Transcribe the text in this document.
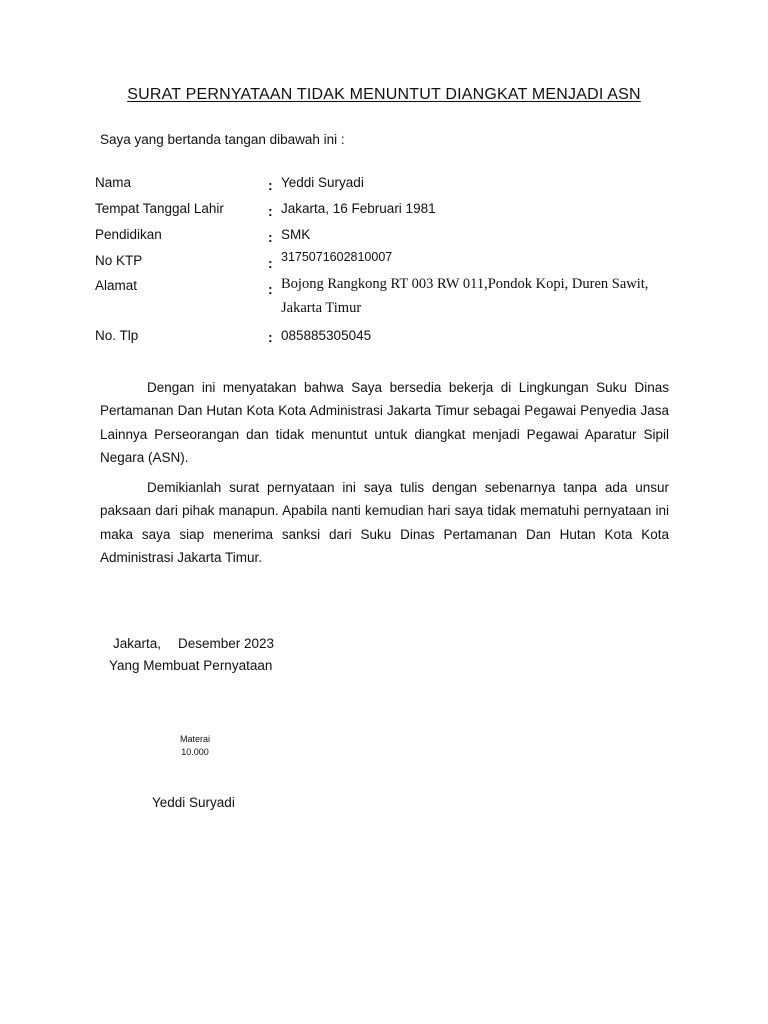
SURAT PERNYATAAN TIDAK MENUNTUT DIANGKAT MENJADI ASN
Saya yang bertanda tangan dibawah ini :
Nama	: Yeddi Suryadi
Tempat Tanggal Lahir	: Jakarta, 16 Februari 1981
Pendidikan	: SMK
No KTP	: 3175071602810007
Alamat	: Bojong Rangkong RT 003 RW 011,Pondok Kopi, Duren Sawit,
Jakarta Timur
No. Tlp	: 085885305045

Dengan ini menyatakan bahwa Saya bersedia bekerja di Lingkungan Suku Dinas Pertamanan Dan Hutan Kota Kota Administrasi Jakarta Timur sebagai Pegawai Penyedia Jasa Lainnya Perseorangan dan tidak menuntut untuk diangkat menjadi Pegawai Aparatur Sipil Negara (ASN).

Demikianlah surat pernyataan ini saya tulis dengan sebenarnya tanpa ada unsur paksaan dari pihak manapun. Apabila nanti kemudian hari saya tidak mematuhi pernyataan ini maka saya siap menerima sanksi dari Suku Dinas Pertamanan Dan Hutan Kota Kota Administrasi Jakarta Timur.

Jakarta, Desember 2023
Yang Membuat Pernyataan
Materai
10.000
Yeddi Suryadi
